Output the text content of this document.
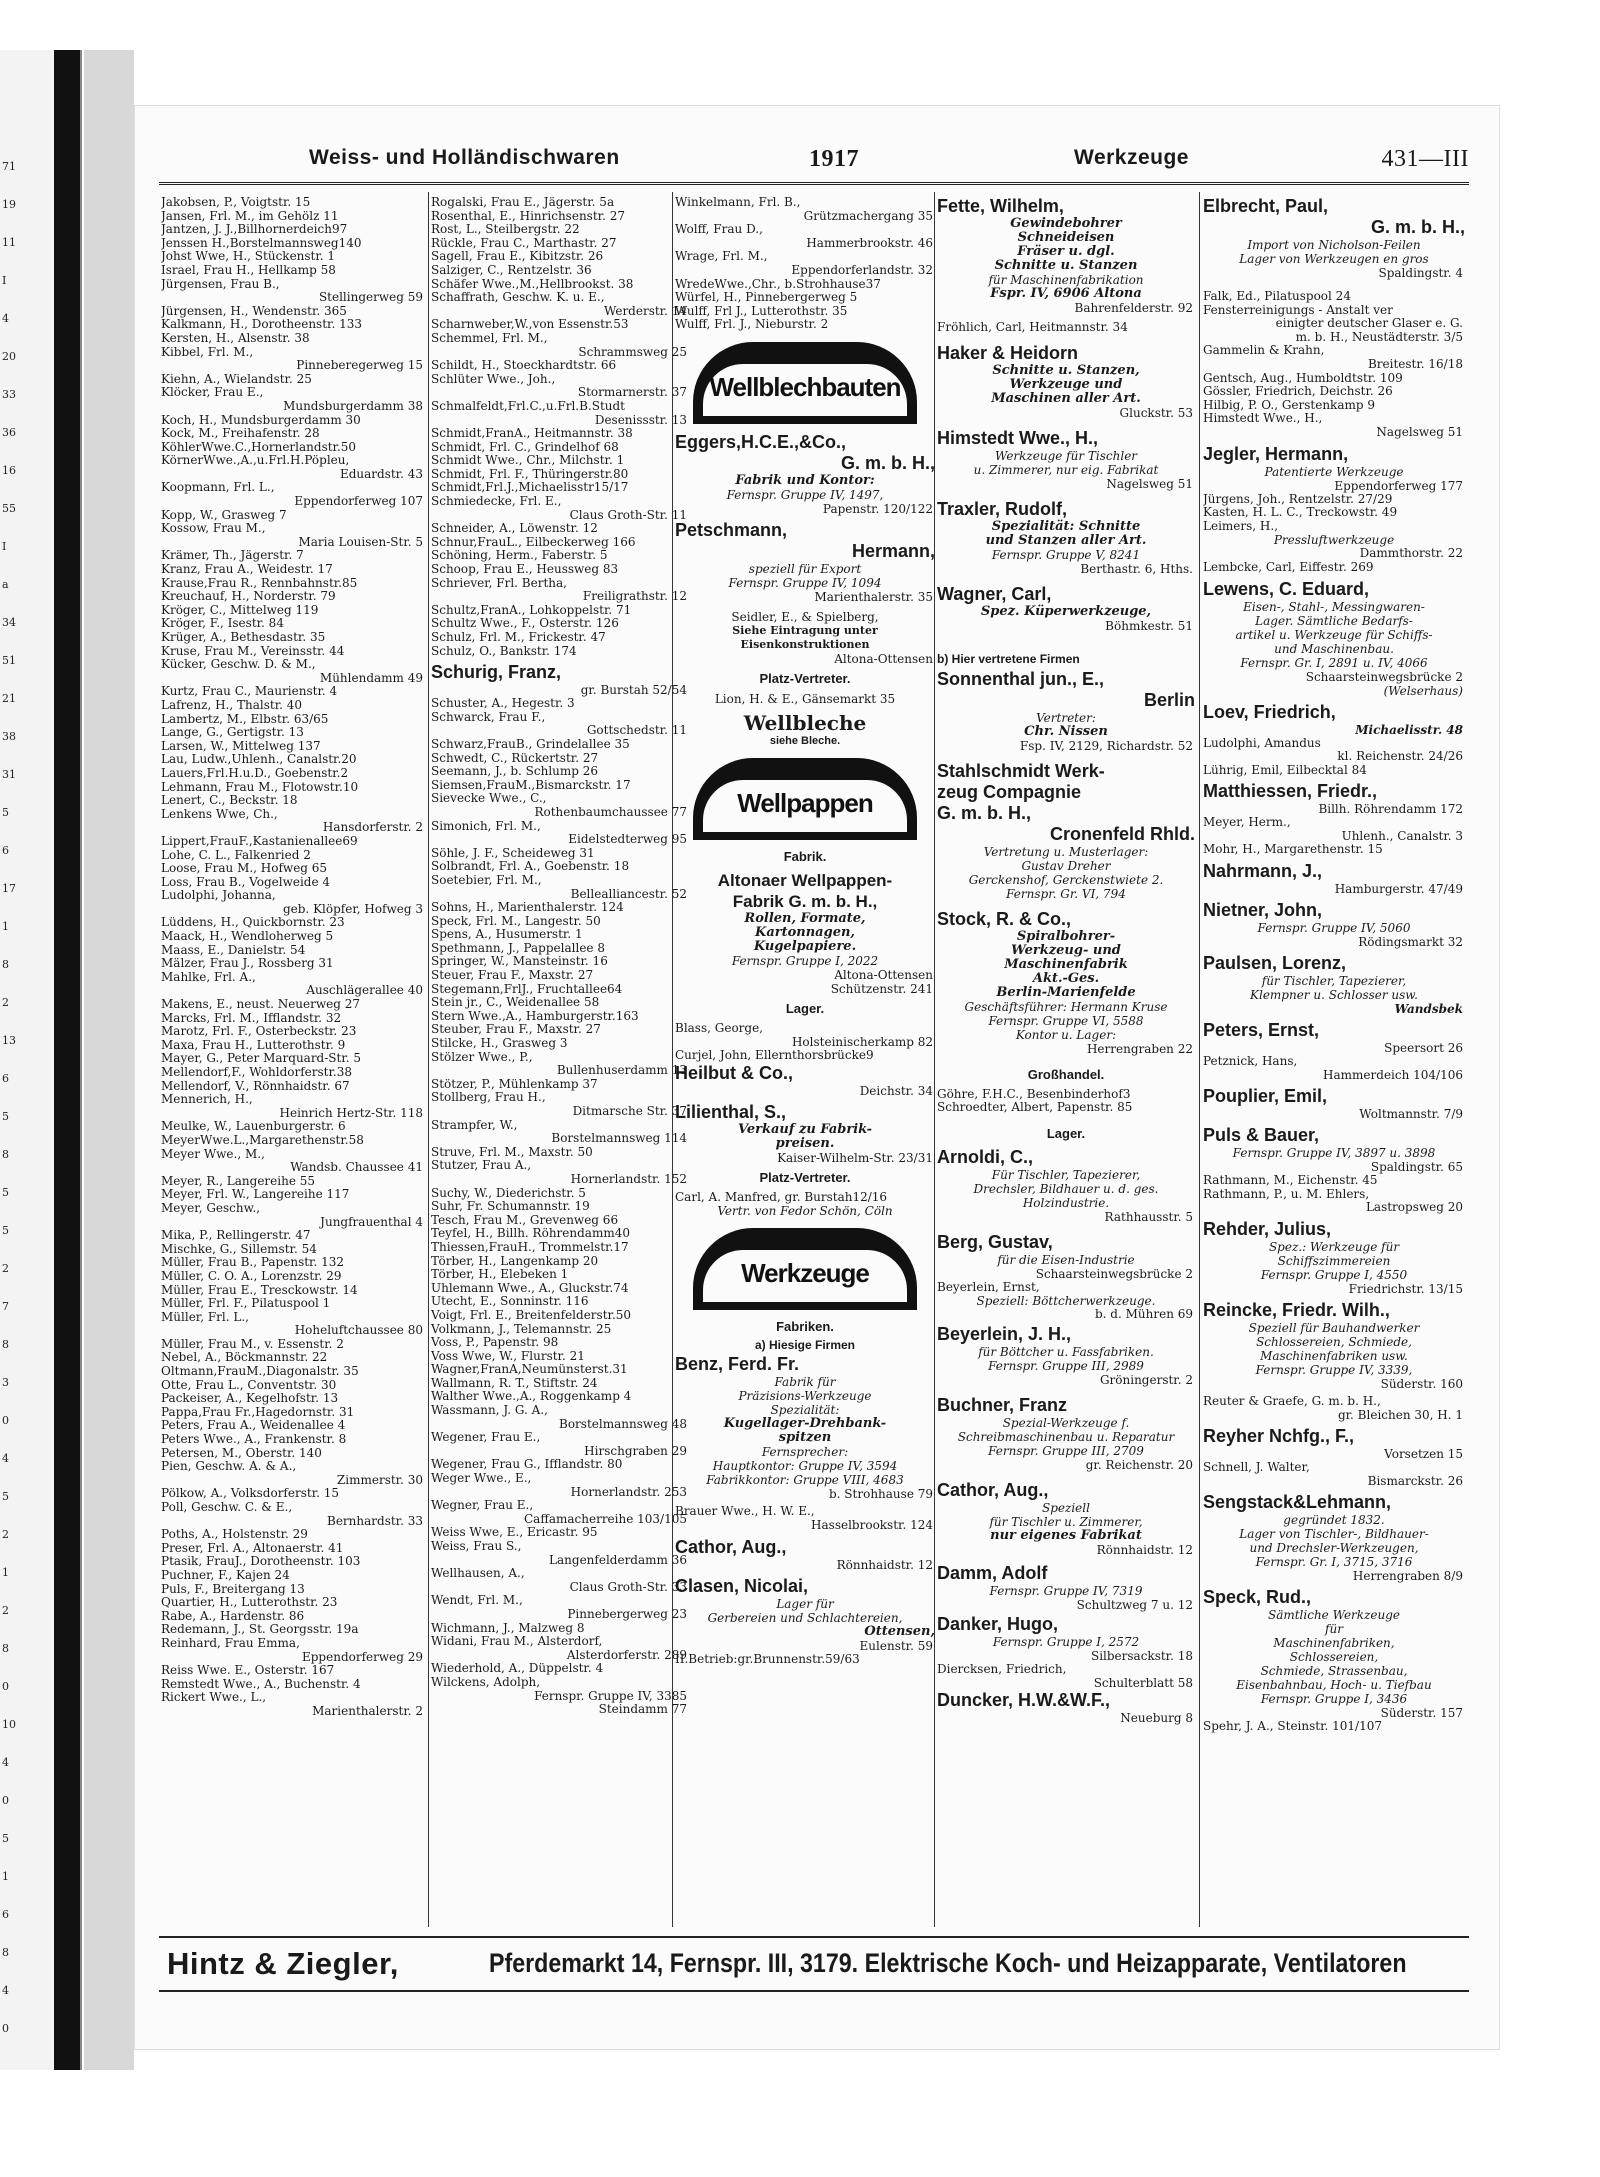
71
19
11
I
4
20
33
36
16
55
I
a
34
51
21
38
31
5
6
17
1
8
2
13
6
5
8
5
5
2
7
8
3
0
4
5
2
1
2
8
0
10
4
0
5
1
6
8
4
0
Weiss- und Holländischwaren	1917	Werkzeuge	431—III
Jakobsen, P., Voigtstr. 15
Jansen, Frl. M., im Gehölz 11
Jantzen, J. J.,Billhornerdeich97
Jenssen H.,Borstelmannsweg140
Johst Wwe, H., Stückenstr. 1
Israel, Frau H., Hellkamp 58
Jürgensen, Frau B.,
Stellingerweg 59
Jürgensen, H., Wendenstr. 365
Kalkmann, H., Dorotheenstr. 133
Kersten, H., Alsenstr. 38
Kibbel, Frl. M.,
Pinneberegerweg 15
Kiehn, A., Wielandstr. 25
Klöcker, Frau E.,
Mundsburgerdamm 38
Koch, H., Mundsburgerdamm 30
Kock, M., Freihafenstr. 28
KöhlerWwe.C.,Hornerlandstr.50
KörnerWwe.,A.,u.Frl.H.Pöpleu,
Eduardstr. 43
Koopmann, Frl. L.,
Eppendorferweg 107
Kopp, W., Grasweg 7
Kossow, Frau M.,
Maria Louisen-Str. 5
Krämer, Th., Jägerstr. 7
Kranz, Frau A., Weidestr. 17
Krause,Frau R., Rennbahnstr.85
Kreuchauf, H., Norderstr. 79
Kröger, C., Mittelweg 119
Kröger, F., Isestr. 84
Krüger, A., Bethesdastr. 35
Kruse, Frau M., Vereinsstr. 44
Kücker, Geschw. D. & M.,
Mühlendamm 49
Kurtz, Frau C., Maurienstr. 4
Lafrenz, H., Thalstr. 40
Lambertz, M., Elbstr. 63/65
Lange, G., Gertigstr. 13
Larsen, W., Mittelweg 137
Lau, Ludw.,Uhlenh., Canalstr.20
Lauers,Frl.H.u.D., Goebenstr.2
Lehmann, Frau M., Flotowstr.10
Lenert, C., Beckstr. 18
Lenkens Wwe, Ch.,
Hansdorferstr. 2
Lippert,FrauF.,Kastanienallee69
Lohe, C. L., Falkenried 2
Loose, Frau M., Hofweg 65
Loss, Frau B., Vogelweide 4
Ludolphi, Johanna,
geb. Klöpfer, Hofweg 3
Lüddens, H., Quickbornstr. 23
Maack, H., Wendloherweg 5
Maass, E., Danielstr. 54
Mälzer, Frau J., Rossberg 31
Mahlke, Frl. A.,
Auschlägerallee 40
Makens, E., neust. Neuerweg 27
Marcks, Frl. M., Ifflandstr. 32
Marotz, Frl. F., Osterbeckstr. 23
Maxa, Frau H., Lutterothstr. 9
Mayer, G., Peter Marquard-Str. 5
Mellendorf,F., Wohldorferstr.38
Mellendorf, V., Rönnhaidstr. 67
Mennerich, H.,
Heinrich Hertz-Str. 118
Meulke, W., Lauenburgerstr. 6
MeyerWwe.L.,Margarethenstr.58
Meyer Wwe., M.,
Wandsb. Chaussee 41
Meyer, R., Langereihe 55
Meyer, Frl. W., Langereihe 117
Meyer, Geschw.,
Jungfrauenthal 4
Mika, P., Rellingerstr. 47
Mischke, G., Sillemstr. 54
Müller, Frau B., Papenstr. 132
Müller, C. O. A., Lorenzstr. 29
Müller, Frau E., Tresckowstr. 14
Müller, Frl. F., Pilatuspool 1
Müller, Frl. L.,
Hoheluftchaussee 80
Müller, Frau M., v. Essenstr. 2
Nebel, A., Böckmannstr. 22
Oltmann,FrauM.,Diagonalstr. 35
Otte, Frau L., Conventstr. 30
Packeiser, A., Kegelhofstr. 13
Pappa,Frau Fr.,Hagedornstr. 31
Peters, Frau A., Weidenallee 4
Peters Wwe., A., Frankenstr. 8
Petersen, M., Oberstr. 140
Pien, Geschw. A. & A.,
Zimmerstr. 30
Pölkow, A., Volksdorferstr. 15
Poll, Geschw. C. & E.,
Bernhardstr. 33
Poths, A., Holstenstr. 29
Preser, Frl. A., Altonaerstr. 41
Ptasik, FrauJ., Dorotheenstr. 103
Puchner, F., Kajen 24
Puls, F., Breitergang 13
Quartier, H., Lutterothstr. 23
Rabe, A., Hardenstr. 86
Redemann, J., St. Georgsstr. 19a
Reinhard, Frau Emma,
Eppendorferweg 29
Reiss Wwe. E., Osterstr. 167
Remstedt Wwe., A., Buchenstr. 4
Rickert Wwe., L.,
Marienthalerstr. 2
Rogalski, Frau E., Jägerstr. 5a
Rosenthal, E., Hinrichsenstr. 27
Rost, L., Steilbergstr. 22
Rückle, Frau C., Marthastr. 27
Sagell, Frau E., Kibitzstr. 26
Salziger, C., Rentzelstr. 36
Schäfer Wwe.,M.,Hellbrookst. 38
Schaffrath, Geschw. K. u. E.,
Werderstr. 14
Scharnweber,W.,von Essenstr.53
Schemmel, Frl. M.,
Schrammsweg 25
Schildt, H., Stoeckhardtstr. 66
Schlüter Wwe., Joh.,
Stormarnerstr. 37
Schmalfeldt,Frl.C.,u.Frl.B.Studt
Desenissstr. 13
Schmidt,FranA., Heitmannstr. 38
Schmidt, Frl. C., Grindelhof 68
Schmidt Wwe., Chr., Milchstr. 1
Schmidt, Frl. F., Thüringerstr.80
Schmidt,Frl.J.,Michaelisstr15/17
Schmiedecke, Frl. E.,
Claus Groth-Str. 11
Schneider, A., Löwenstr. 12
Schnur,FrauL., Eilbeckerweg 166
Schöning, Herm., Faberstr. 5
Schoop, Frau E., Heussweg 83
Schriever, Frl. Bertha,
Freiligrathstr. 12
Schultz,FranA., Lohkoppelstr. 71
Schultz Wwe., F., Osterstr. 126
Schulz, Frl. M., Frickestr. 47
Schulz, O., Bankstr. 174
Schurig, Franz,
gr. Burstah 52/54
Schuster, A., Hegestr. 3
Schwarck, Frau F.,
Gottschedstr. 11
Schwarz,FrauB., Grindelallee 35
Schwedt, C., Rückertstr. 27
Seemann, J., b. Schlump 26
Siemsen,FrauM.,Bismarckstr. 17
Sievecke Wwe., C.,
Rothenbaumchaussee 77
Simonich, Frl. M.,
Eidelstedterweg 95
Söhle, J. F., Scheideweg 31
Solbrandt, Frl. A., Goebenstr. 18
Soetebier, Frl. M.,
Bellealliancestr. 52
Sohns, H., Marienthalerstr. 124
Speck, Frl. M., Langestr. 50
Spens, A., Husumerstr. 1
Spethmann, J., Pappelallee 8
Springer, W., Mansteinstr. 16
Steuer, Frau F., Maxstr. 27
Stegemann,FrlJ., Fruchtallee64
Stein jr., C., Weidenallee 58
Stern Wwe.,A., Hamburgerstr.163
Steuber, Frau F., Maxstr. 27
Stilcke, H., Grasweg 3
Stölzer Wwe., P.,
Bullenhuserdamm 13
Stötzer, P., Mühlenkamp 37
Stollberg, Frau H.,
Ditmarsche Str. 37
Strampfer, W.,
Borstelmannsweg 114
Struve, Frl. M., Maxstr. 50
Stutzer, Frau A.,
Hornerlandstr. 152
Suchy, W., Diederichstr. 5
Suhr, Fr. Schumannstr. 19
Tesch, Frau M., Grevenweg 66
Teyfel, H., Billh. Röhrendamm40
Thiessen,FrauH., Trommelstr.17
Törber, H., Langenkamp 20
Törber, H., Elebeken 1
Uhlemann Wwe., A., Gluckstr.74
Utecht, E., Sonninstr. 116
Voigt, Frl. E., Breitenfelderstr.50
Volkmann, J., Telemannstr. 25
Voss, P., Papenstr. 98
Voss Wwe, W., Flurstr. 21
Wagner,FranA,Neumünsterst.31
Wallmann, R. T., Stiftstr. 24
Walther Wwe.,A., Roggenkamp 4
Wassmann, J. G. A.,
Borstelmannsweg 48
Wegener, Frau E.,
Hirschgraben 29
Wegener, Frau G., Ifflandstr. 80
Weger Wwe., E.,
Hornerlandstr. 253
Wegner, Frau E.,
Caffamacherreihe 103/105
Weiss Wwe, E., Ericastr. 95
Weiss, Frau S.,
Langenfelderdamm 36
Wellhausen, A.,
Claus Groth-Str. 33
Wendt, Frl. M.,
Pinnebergerweg 23
Wichmann, J., Malzweg 8
Widani, Frau M., Alsterdorf,
Alsterdorferstr. 289
Wiederhold, A., Düppelstr. 4
Wilckens, Adolph,
Fernspr. Gruppe IV, 3385
Steindamm 77
Winkelmann, Frl. B.,
Grützmachergang 35
Wolff, Frau D.,
Hammerbrookstr. 46
Wrage, Frl. M.,
Eppendorferlandstr. 32
WredeWwe.,Chr., b.Strohhause37
Würfel, H., Pinnebergerweg 5
Wulff, Frl J., Lutterothstr. 35
Wulff, Frl. J., Nieburstr. 2
Wellblechbauten
Eggers,H.C.E.,&Co.,
G. m. b. H.,
Fabrik und Kontor:
Fernspr. Gruppe IV, 1497,
Papenstr. 120/122
Petschmann,
Hermann,
speziell für Export
Fernspr. Gruppe IV, 1094
Marienthalerstr. 35
Seidler, E., & Spielberg,
Siehe Eintragung unter
Eisenkonstruktionen
Altona-Ottensen
Platz-Vertreter.
Lion, H. & E., Gänsemarkt 35
Wellbleche
siehe Bleche.
Wellpappen
Fabrik.
Altonaer Wellpappen-
Fabrik G. m. b. H.,
Rollen, Formate,
Kartonnagen,
Kugelpapiere.
Fernspr. Gruppe I, 2022
Altona-Ottensen
Schützenstr. 241
Lager.
Blass, George,
Holsteinischerkamp 82
Curjel, John, Ellernthorsbrücke9
Heilbut & Co.,
Deichstr. 34
Lilienthal, S.,
Verkauf zu Fabrik-
preisen.
Kaiser-Wilhelm-Str. 23/31
Platz-Vertreter.
Carl, A. Manfred, gr. Burstah12/16
Vertr. von Fedor Schön, Cöln
Werkzeuge
Fabriken.
a) Hiesige Firmen
Benz, Ferd. Fr.
Fabrik für
Präzisions-Werkzeuge
Spezialität:
Kugellager-Drehbank-
spitzen
Fernsprecher:
Hauptkontor: Gruppe IV, 3594
Fabrikkontor: Gruppe VIII, 4683
b. Strohhause 79
Brauer Wwe., H. W. E.,
Hasselbrookstr. 124
Cathor, Aug.,
Rönnhaidstr. 12
Clasen, Nicolai,
Lager für
Gerbereien und Schlachtereien,
Ottensen,
Eulenstr. 59
II.Betrieb:gr.Brunnenstr.59/63
Fette, Wilhelm,
Gewindebohrer
Schneideisen
Fräser u. dgl.
Schnitte u. Stanzen
für Maschinenfabrikation
Fspr. IV, 6906 Altona
Bahrenfelderstr. 92
Fröhlich, Carl, Heitmannstr. 34
Haker & Heidorn
Schnitte u. Stanzen,
Werkzeuge und
Maschinen aller Art.
Gluckstr. 53
Himstedt Wwe., H.,
Werkzeuge für Tischler
u. Zimmerer, nur eig. Fabrikat
Nagelsweg 51
Traxler, Rudolf,
Spezialität: Schnitte
und Stanzen aller Art.
Fernspr. Gruppe V, 8241
Berthastr. 6, Hths.
Wagner, Carl,
Spez. Küperwerkzeuge,
Böhmkestr. 51
b) Hier vertretene Firmen
Sonnenthal jun., E.,
Berlin
Vertreter:
Chr. Nissen
Fsp. IV, 2129, Richardstr. 52
Stahlschmidt Werk-
zeug Compagnie
G. m. b. H.,
Cronenfeld Rhld.
Vertretung u. Musterlager:
Gustav Dreher
Gerckenshof, Gerckenstwiete 2.
Fernspr. Gr. VI, 794
Stock, R. & Co.,
Spiralbohrer-
Werkzeug- und
Maschinenfabrik
Akt.-Ges.
Berlin-Marienfelde
Geschäftsführer: Hermann Kruse
Fernspr. Gruppe VI, 5588
Kontor u. Lager:
Herrengraben 22
Großhandel.
Göhre, F.H.C., Besenbinderhof3
Schroedter, Albert, Papenstr. 85
Lager.
Arnoldi, C.,
Für Tischler, Tapezierer,
Drechsler, Bildhauer u. d. ges.
Holzindustrie.
Rathhausstr. 5
Berg, Gustav,
für die Eisen-Industrie
Schaarsteinwegsbrücke 2
Beyerlein, Ernst,
Speziell: Böttcherwerkzeuge.
b. d. Mühren 69
Beyerlein, J. H.,
für Böttcher u. Fassfabriken.
Fernspr. Gruppe III, 2989
Gröningerstr. 2
Buchner, Franz
Spezial-Werkzeuge f.
Schreibmaschinenbau u. Reparatur
Fernspr. Gruppe III, 2709
gr. Reichenstr. 20
Cathor, Aug.,
Speziell
für Tischler u. Zimmerer,
nur eigenes Fabrikat
Rönnhaidstr. 12
Damm, Adolf
Fernspr. Gruppe IV, 7319
Schultzweg 7 u. 12
Danker, Hugo,
Fernspr. Gruppe I, 2572
Silbersackstr. 18
Diercksen, Friedrich,
Schulterblatt 58
Duncker, H.W.&W.F.,
Neueburg 8
Elbrecht, Paul,
G. m. b. H.,
Import von Nicholson-Feilen
Lager von Werkzeugen en gros
Spaldingstr. 4
Falk, Ed., Pilatuspool 24
Fensterreinigungs - Anstalt ver
einigter deutscher Glaser e. G.
m. b. H., Neustädterstr. 3/5
Gammelin & Krahn,
Breitestr. 16/18
Gentsch, Aug., Humboldtstr. 109
Gössler, Friedrich, Deichstr. 26
Hilbig, P. O., Gerstenkamp 9
Himstedt Wwe., H.,
Nagelsweg 51
Jegler, Hermann,
Patentierte Werkzeuge
Eppendorferweg 177
Jürgens, Joh., Rentzelstr. 27/29
Kasten, H. L. C., Treckowstr. 49
Leimers, H.,
Pressluftwerkzeuge
Dammthorstr. 22
Lembcke, Carl, Eiffestr. 269
Lewens, C. Eduard,
Eisen-, Stahl-, Messingwaren-
Lager. Sämtliche Bedarfs-
artikel u. Werkzeuge für Schiffs-
und Maschinenbau.
Fernspr. Gr. I, 2891 u. IV, 4066
Schaarsteinwegsbrücke 2
(Welserhaus)
Loev, Friedrich,
Michaelisstr. 48
Ludolphi, Amandus
kl. Reichenstr. 24/26
Lührig, Emil, Eilbecktal 84
Matthiessen, Friedr.,
Billh. Röhrendamm 172
Meyer, Herm.,
Uhlenh., Canalstr. 3
Mohr, H., Margarethenstr. 15
Nahrmann, J.,
Hamburgerstr. 47/49
Nietner, John,
Fernspr. Gruppe IV, 5060
Rödingsmarkt 32
Paulsen, Lorenz,
für Tischler, Tapezierer,
Klempner u. Schlosser usw.
Wandsbek
Peters, Ernst,
Speersort 26
Petznick, Hans,
Hammerdeich 104/106
Pouplier, Emil,
Woltmannstr. 7/9
Puls & Bauer,
Fernspr. Gruppe IV, 3897 u. 3898
Spaldingstr. 65
Rathmann, M., Eichenstr. 45
Rathmann, P., u. M. Ehlers,
Lastropsweg 20
Rehder, Julius,
Spez.: Werkzeuge für
Schiffszimmereien
Fernspr. Gruppe I, 4550
Friedrichstr. 13/15
Reincke, Friedr. Wilh.,
Speziell für Bauhandwerker
Schlossereien, Schmiede,
Maschinenfabriken usw.
Fernspr. Gruppe IV, 3339,
Süderstr. 160
Reuter & Graefe, G. m. b. H.,
gr. Bleichen 30, H. 1
Reyher Nchfg., F.,
Vorsetzen 15
Schnell, J. Walter,
Bismarckstr. 26
Sengstack&Lehmann,
gegründet 1832.
Lager von Tischler-, Bildhauer-
und Drechsler-Werkzeugen,
Fernspr. Gr. I, 3715, 3716
Herrengraben 8/9
Speck, Rud.,
Sämtliche Werkzeuge
für
Maschinenfabriken,
Schlossereien,
Schmiede, Strassenbau,
Eisenbahnbau, Hoch- u. Tiefbau
Fernspr. Gruppe I, 3436
Süderstr. 157
Spehr, J. A., Steinstr. 101/107
Hintz & Ziegler,	Pferdemarkt 14, Fernspr. III, 3179. Elektrische Koch- und Heizapparate, Ventilatoren
